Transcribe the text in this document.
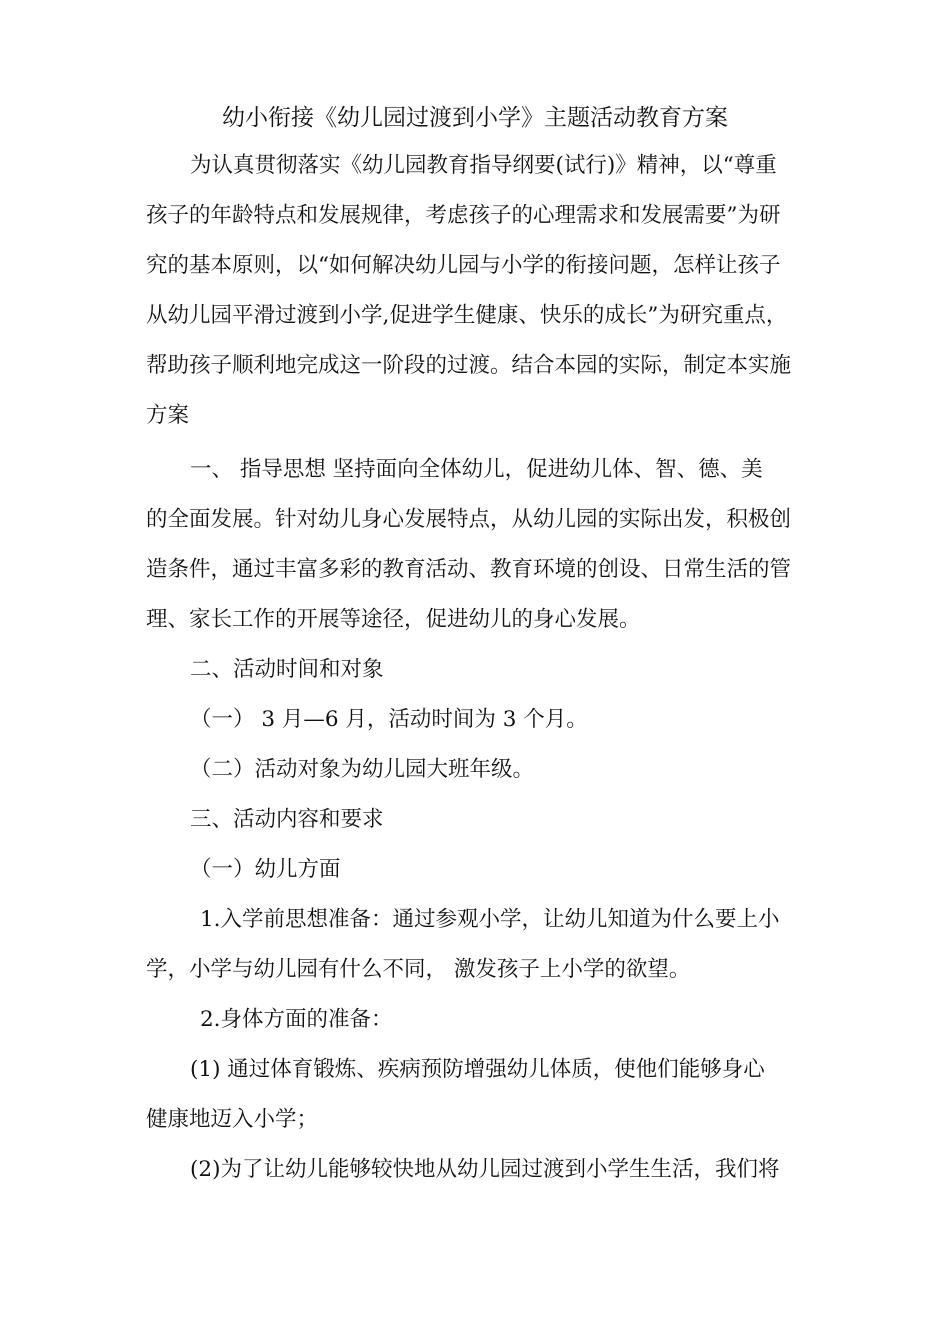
幼小衔接《幼儿园过渡到小学》主题活动教育方案
为认真贯彻落实《幼儿园教育指导纲要(试行)》精神，以“尊重
孩子的年龄特点和发展规律，考虑孩子的心理需求和发展需要”为研
究的基本原则，以“如何解决幼儿园与小学的衔接问题，怎样让孩子
从幼儿园平滑过渡到小学,促进学生健康、快乐的成长”为研究重点，
帮助孩子顺利地完成这一阶段的过渡。结合本园的实际，制定本实施
方案
一、 指导思想 坚持面向全体幼儿，促进幼儿体、智、德、美
的全面发展。针对幼儿身心发展特点，从幼儿园的实际出发，积极创
造条件，通过丰富多彩的教育活动、教育环境的创设、日常生活的管
理、家长工作的开展等途径，促进幼儿的身心发展。
二、活动时间和对象
（一） 3 月—6 月，活动时间为 3 个月。
（二）活动对象为幼儿园大班年级。
三、活动内容和要求
（一）幼儿方面
1.入学前思想准备：通过参观小学，让幼儿知道为什么要上小
学，小学与幼儿园有什么不同， 激发孩子上小学的欲望。
2.身体方面的准备：
(1) 通过体育锻炼、疾病预防增强幼儿体质，使他们能够身心
健康地迈入小学；
(2)为了让幼儿能够较快地从幼儿园过渡到小学生生活，我们将
